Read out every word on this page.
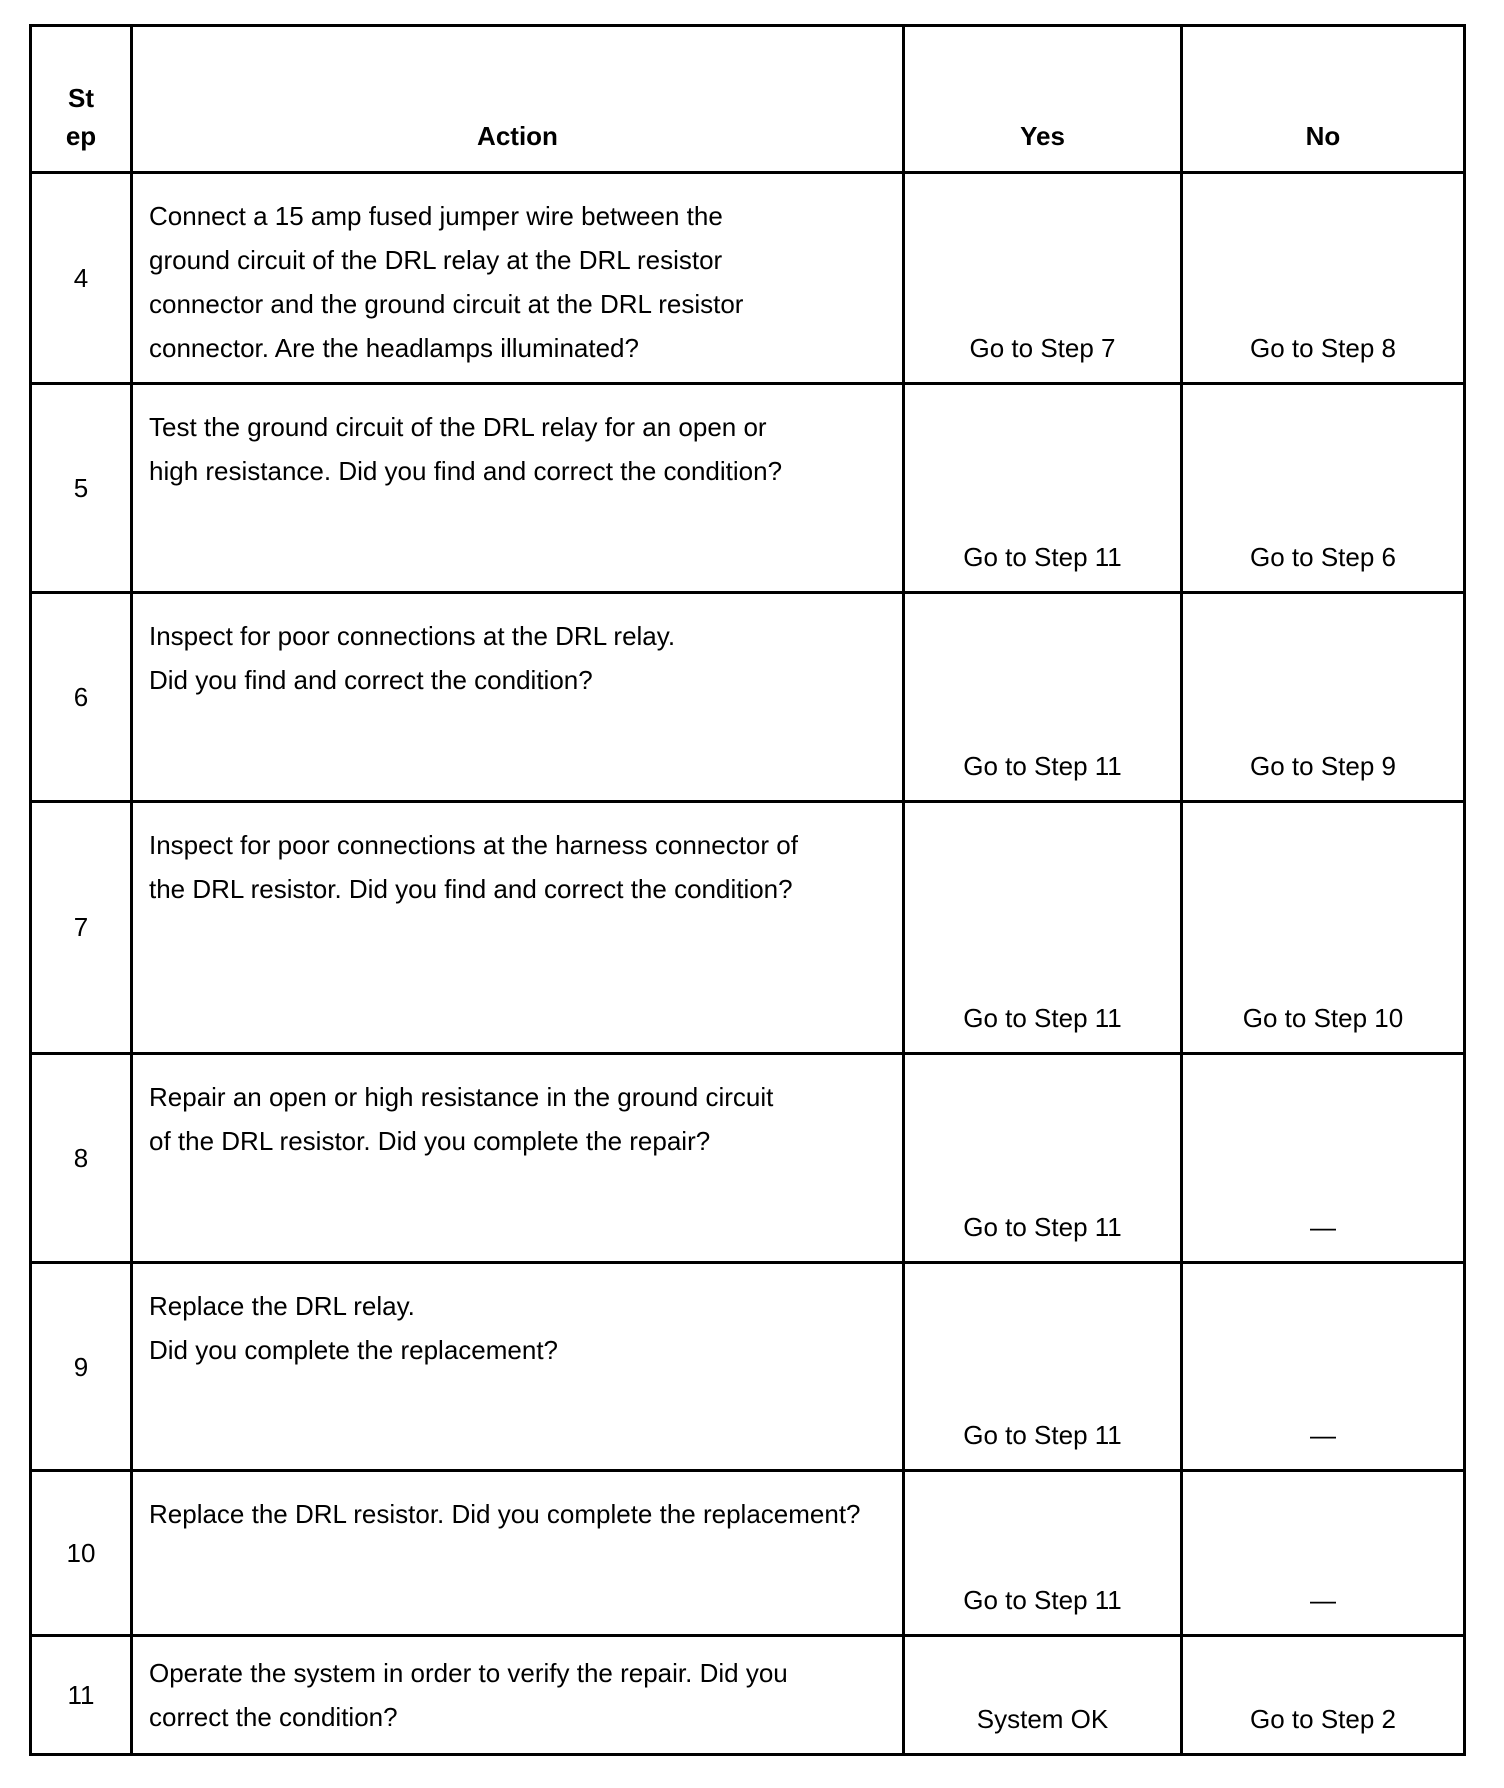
St
ep	Action	Yes	No
4	Connect a 15 amp fused jumper wire between the
ground circuit of the DRL relay at the DRL resistor
connector and the ground circuit at the DRL resistor
connector. Are the headlamps illuminated?	Go to Step 7	Go to Step 8
5	Test the ground circuit of the DRL relay for an open or
high resistance. Did you find and correct the condition?	Go to Step 11	Go to Step 6
6	Inspect for poor connections at the DRL relay.
Did you find and correct the condition?	Go to Step 11	Go to Step 9
7	Inspect for poor connections at the harness connector of
the DRL resistor. Did you find and correct the condition?	Go to Step 11	Go to Step 10
8	Repair an open or high resistance in the ground circuit
of the DRL resistor. Did you complete the repair?	Go to Step 11	—
9	Replace the DRL relay.
Did you complete the replacement?	Go to Step 11	—
10	Replace the DRL resistor. Did you complete the replacement?	Go to Step 11	—
11	Operate the system in order to verify the repair. Did you
correct the condition?	System OK	Go to Step 2
